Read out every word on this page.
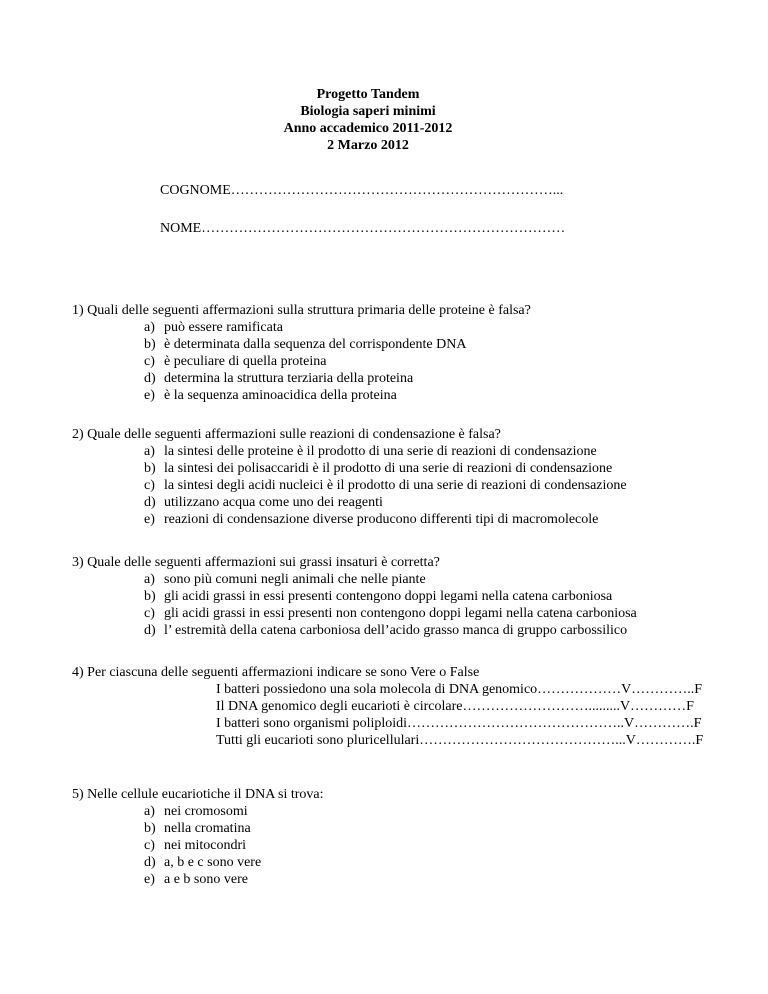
Progetto Tandem
Biologia saperi minimi
Anno accademico 2011-2012
2 Marzo 2012
COGNOME……………………………………………………………...
NOME……………………………………………………………………
1) Quali delle seguenti affermazioni sulla struttura primaria delle proteine è falsa?
a) può essere ramificata
b) è determinata dalla sequenza del corrispondente DNA
c) è peculiare di quella proteina
d) determina la struttura terziaria della proteina
e) è la sequenza aminoacidica della proteina
2) Quale delle seguenti affermazioni sulle reazioni di condensazione è falsa?
a) la sintesi delle proteine è il prodotto di una serie di reazioni di condensazione
b) la sintesi dei polisaccaridi è il prodotto di una serie di reazioni di condensazione
c) la sintesi degli acidi nucleici è il prodotto di una serie di reazioni di condensazione
d) utilizzano acqua come uno dei reagenti
e) reazioni di condensazione diverse producono differenti tipi di macromolecole
3) Quale delle seguenti affermazioni sui grassi insaturi è corretta?
a) sono più comuni negli animali che nelle piante
b) gli acidi grassi in essi presenti contengono doppi legami nella catena carboniosa
c) gli acidi grassi in essi presenti non contengono doppi legami nella catena carboniosa
d) l’ estremità della catena carboniosa dell’acido grasso manca di gruppo carbossilico
4) Per ciascuna delle seguenti affermazioni indicare se sono Vere o False
I batteri possiedono una sola molecola di DNA genomico………………V…………..F
Il DNA genomico degli eucarioti è circolare……………………….........V…………F
I batteri sono organismi poliploidi………………………………………..V………….F
Tutti gli eucarioti sono pluricellulari……………………………………...V………….F
5) Nelle cellule eucariotiche il DNA si trova:
a) nei cromosomi
b) nella cromatina
c) nei mitocondri
d) a, b e c sono vere
e) a e b sono vere
